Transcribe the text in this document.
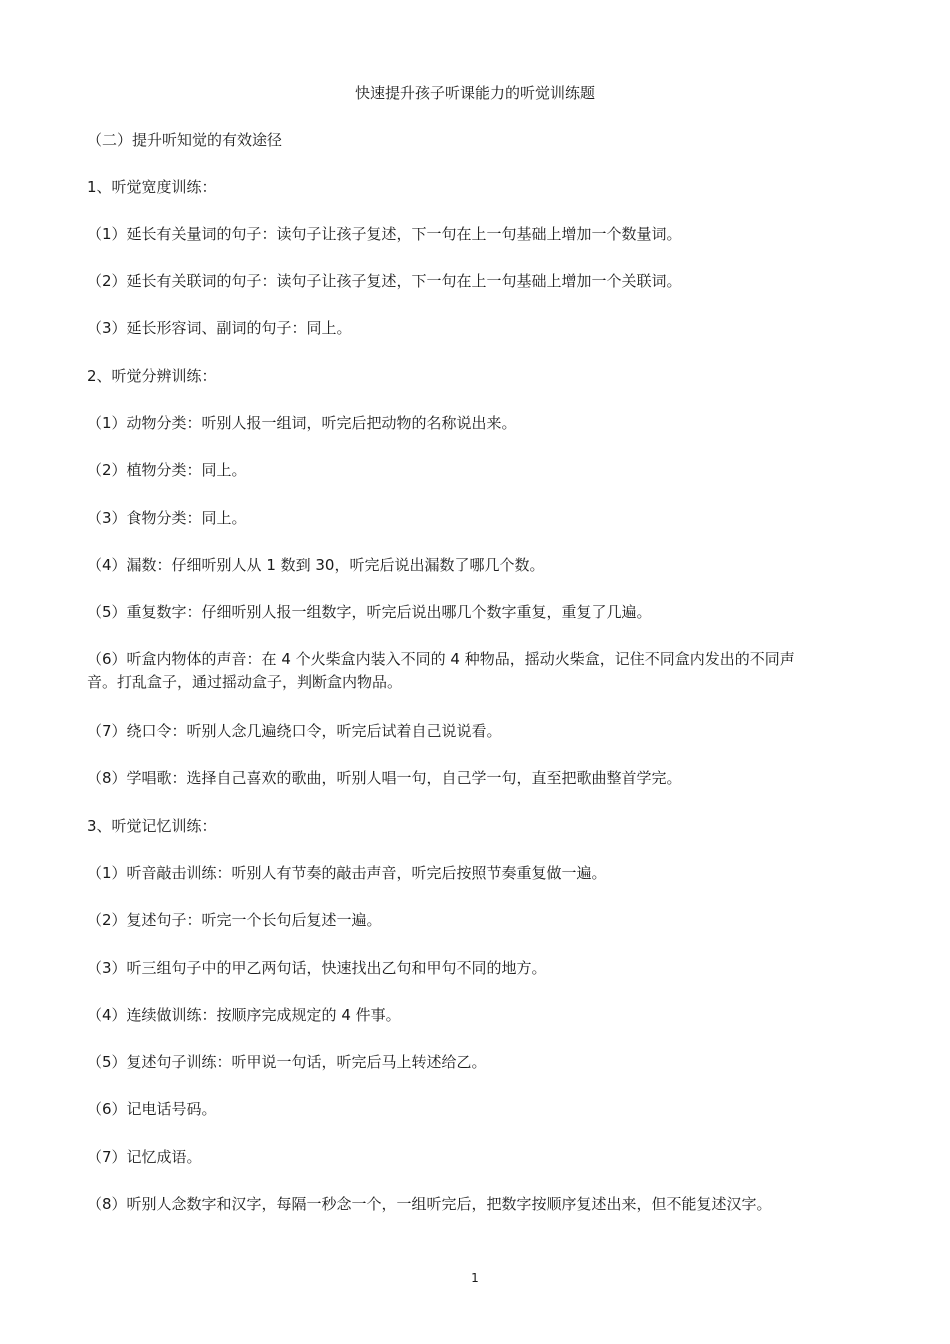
快速提升孩子听课能力的听觉训练题
（二）提升听知觉的有效途径
1、听觉宽度训练：
（1）延长有关量词的句子：读句子让孩子复述，下一句在上一句基础上增加一个数量词。
（2）延长有关联词的句子：读句子让孩子复述，下一句在上一句基础上增加一个关联词。
（3）延长形容词、副词的句子：同上。
2、听觉分辨训练：
（1）动物分类：听别人报一组词，听完后把动物的名称说出来。
（2）植物分类：同上。
（3）食物分类：同上。
（4）漏数：仔细听别人从 1 数到 30，听完后说出漏数了哪几个数。
（5）重复数字：仔细听别人报一组数字，听完后说出哪几个数字重复，重复了几遍。
（6）听盒内物体的声音：在 4 个火柴盒内装入不同的 4 种物品，摇动火柴盒，记住不同盒内发出的不同声
音。打乱盒子，通过摇动盒子，判断盒内物品。
（7）绕口令：听别人念几遍绕口令，听完后试着自己说说看。
（8）学唱歌：选择自己喜欢的歌曲，听别人唱一句，自己学一句，直至把歌曲整首学完。
3、听觉记忆训练：
（1）听音敲击训练：听别人有节奏的敲击声音，听完后按照节奏重复做一遍。
（2）复述句子：听完一个长句后复述一遍。
（3）听三组句子中的甲乙两句话，快速找出乙句和甲句不同的地方。
（4）连续做训练：按顺序完成规定的 4 件事。
（5）复述句子训练：听甲说一句话，听完后马上转述给乙。
（6）记电话号码。
（7）记忆成语。
（8）听别人念数字和汉字，每隔一秒念一个，一组听完后，把数字按顺序复述出来，但不能复述汉字。
1
